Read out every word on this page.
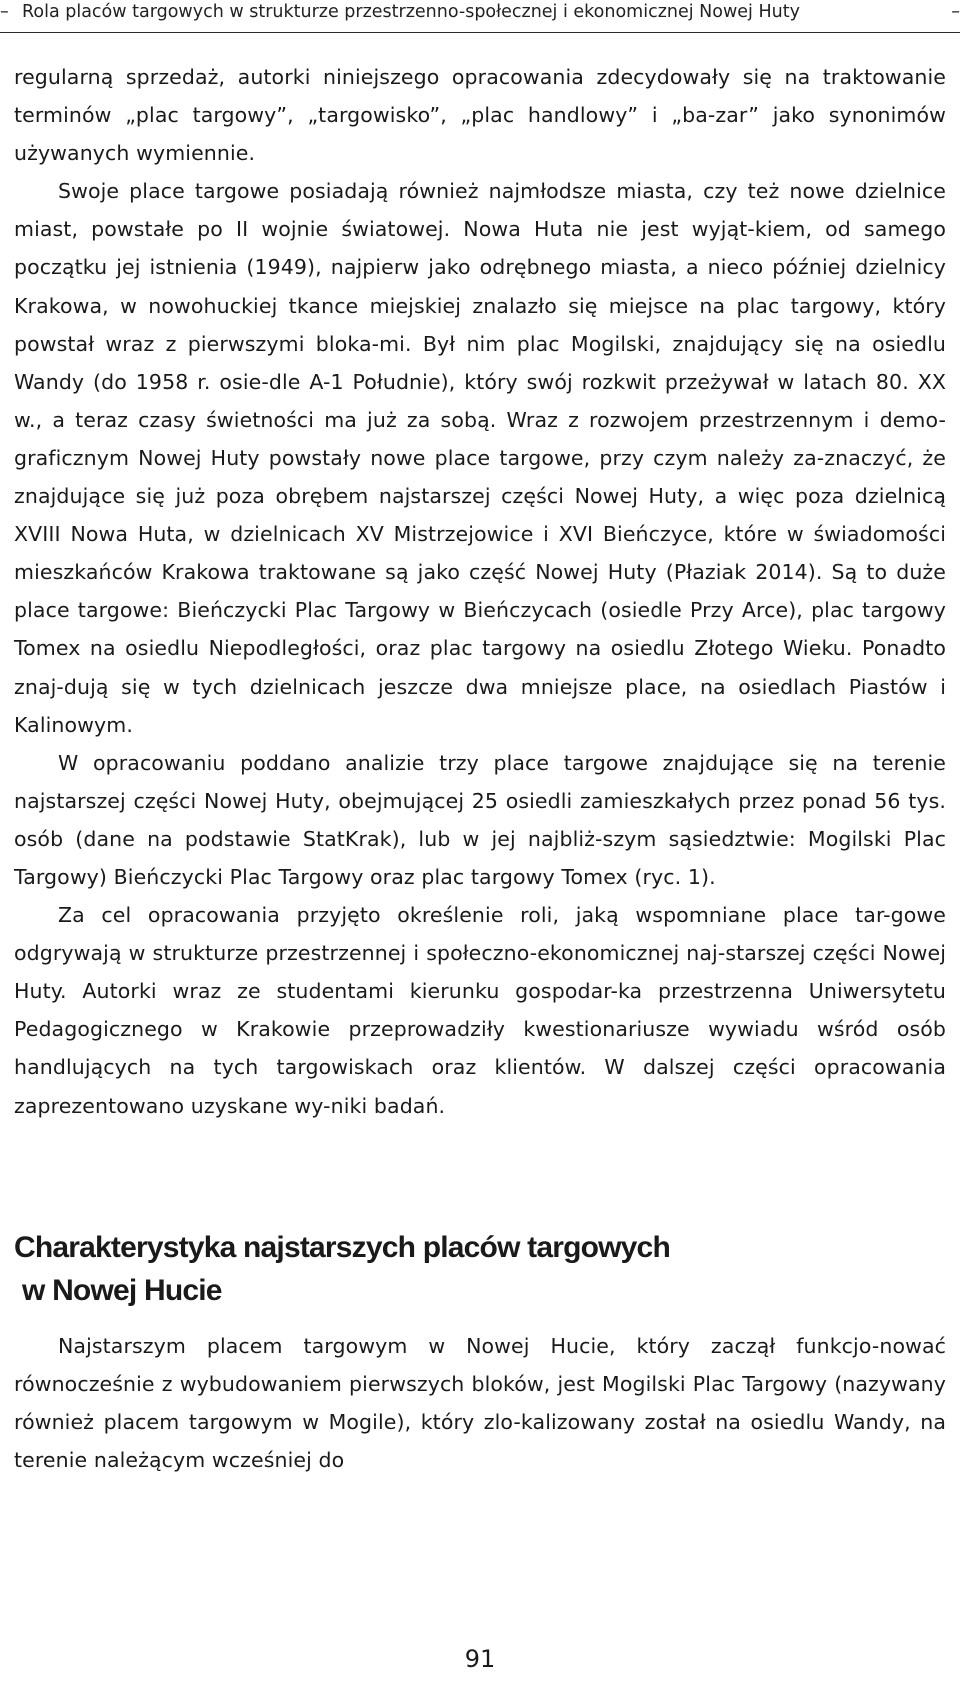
– Rola placów targowych w strukturze przestrzenno-społecznej i ekonomicznej Nowej Huty	–

regularną sprzedaż, autorki niniejszego opracowania zdecydowały się na traktowanie terminów „plac targowy”, „targowisko”, „plac handlowy” i „ba-zar” jako synonimów używanych wymiennie.

Swoje place targowe posiadają również najmłodsze miasta, czy też nowe dzielnice miast, powstałe po II wojnie światowej. Nowa Huta nie jest wyjąt-kiem, od samego początku jej istnienia (1949), najpierw jako odrębnego miasta, a nieco później dzielnicy Krakowa, w nowohuckiej tkance miejskiej znalazło się miejsce na plac targowy, który powstał wraz z pierwszymi bloka-mi. Był nim plac Mogilski, znajdujący się na osiedlu Wandy (do 1958 r. osie-dle A-1 Południe), który swój rozkwit przeżywał w latach 80. XX w., a teraz czasy świetności ma już za sobą. Wraz z rozwojem przestrzennym i demo-graficznym Nowej Huty powstały nowe place targowe, przy czym należy za-znaczyć, że znajdujące się już poza obrębem najstarszej części Nowej Huty, a więc poza dzielnicą XVIII Nowa Huta, w dzielnicach XV Mistrzejowice i XVI Bieńczyce, które w świadomości mieszkańców Krakowa traktowane są jako część Nowej Huty (Płaziak 2014). Są to duże place targowe: Bieńczycki Plac Targowy w Bieńczycach (osiedle Przy Arce), plac targowy Tomex na osiedlu Niepodległości, oraz plac targowy na osiedlu Złotego Wieku. Ponadto znaj-dują się w tych dzielnicach jeszcze dwa mniejsze place, na osiedlach Piastów i Kalinowym.

W opracowaniu poddano analizie trzy place targowe znajdujące się na terenie najstarszej części Nowej Huty, obejmującej 25 osiedli zamieszkałych przez ponad 56 tys. osób (dane na podstawie StatKrak), lub w jej najbliż-szym sąsiedztwie: Mogilski Plac Targowy) Bieńczycki Plac Targowy oraz plac targowy Tomex (ryc. 1).

Za cel opracowania przyjęto określenie roli, jaką wspomniane place tar-gowe odgrywają w strukturze przestrzennej i społeczno-ekonomicznej naj-starszej części Nowej Huty. Autorki wraz ze studentami kierunku gospodar-ka przestrzenna Uniwersytetu Pedagogicznego w Krakowie przeprowadziły kwestionariusze wywiadu wśród osób handlujących na tych targowiskach oraz klientów. W dalszej części opracowania zaprezentowano uzyskane wy-niki badań.

Charakterystyka najstarszych placów targowych
w Nowej Hucie

Najstarszym placem targowym w Nowej Hucie, który zaczął funkcjo-nować równocześnie z wybudowaniem pierwszych bloków, jest Mogilski Plac Targowy (nazywany również placem targowym w Mogile), który zlo-kalizowany został na osiedlu Wandy, na terenie należącym wcześniej do

91
